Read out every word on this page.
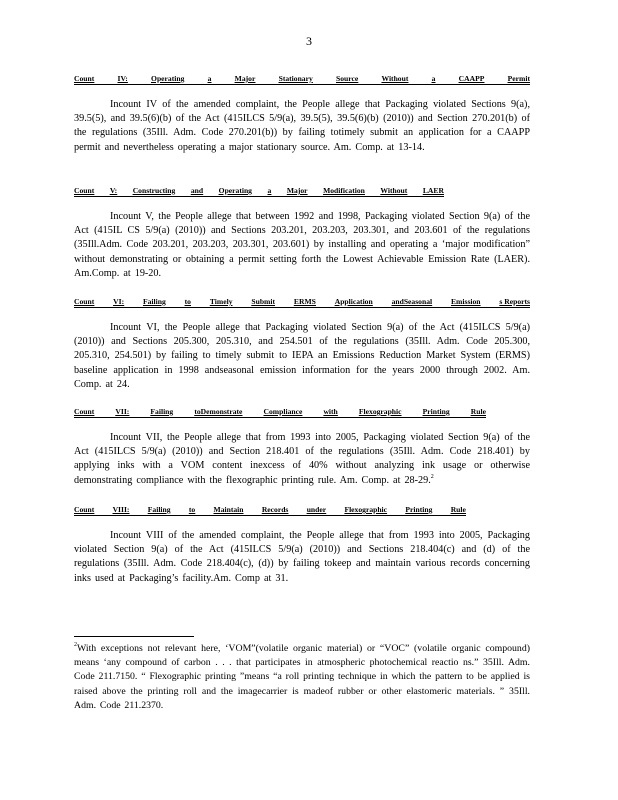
3
Count	IV:	Operating	a	Major	Stationary	Source	Without	a	CAAPP	Permit

Incount IV of the amended complaint, the People allege that Packaging violated Sections 9(a), 39.5(5), and 39.5(6)(b) of the Act (415ILCS 5/9(a), 39.5(5), 39.5(6)(b) (2010)) and Section 270.201(b) of the regulations (35Ill. Adm. Code 270.201(b)) by failing totimely submit an application for a CAAPP permit and nevertheless operating a major stationary source. Am. Comp. at 13-14.

Count V: Constructing and Operating a Major Modification Without LAER

Incount V, the People allege that between 1992 and 1998, Packaging violated Section 9(a) of the Act (415IL CS 5/9(a) (2010)) and Sections 203.201, 203.203, 203.301, and 203.601 of the regulations (35Ill.Adm. Code 203.201, 203.203, 203.301, 203.601) by installing and operating a ‘major modification” without demonstrating or obtaining a permit setting forth the Lowest Achievable Emission Rate (LAER). Am.Comp. at 19-20.

Count VI: Failing to Timely Submit ERMS Application andSeasonal Emission s Reports

Incount VI, the People allege that Packaging violated Section 9(a) of the Act (415ILCS 5/9(a) (2010)) and Sections 205.300, 205.310, and 254.501 of the regulations (35Ill. Adm. Code 205.300, 205.310, 254.501) by failing to timely submit to IEPA an Emissions Reduction Market System (ERMS) baseline application in 1998 andseasonal emission information for the years 2000 through 2002. Am. Comp. at 24.

Count	VII:	Failing	toDemonstrate	Compliance	with	Flexographic	Printing	Rule

Incount VII, the People allege that from 1993 into 2005, Packaging violated Section 9(a) of the Act (415ILCS 5/9(a) (2010)) and Section 218.401 of the regulations (35Ill. Adm. Code 218.401) by applying inks with a VOM content inexcess of 40% without analyzing ink usage or otherwise demonstrating compliance with the flexographic printing rule. Am. Comp. at 28-29.$^2$

Count VIII: Failing to Maintain Records under Flexographic Printing Rule

Incount VIII of the amended complaint, the People allege that from 1993 into 2005, Packaging violated Section 9(a) of the Act (415ILCS 5/9(a) (2010)) and Sections 218.404(c) and (d) of the regulations (35Ill. Adm. Code 218.404(c), (d)) by failing tokeep and maintain various records concerning inks used at Packaging’s facility.Am. Comp at 31.

$^2$With exceptions not relevant here, ‘VOM”(volatile organic material) or “VOC” (volatile organic compound) means ‘any compound of carbon . . . that participates in atmospheric photochemical reactio ns.” 35Ill. Adm. Code 211.7150. “ Flexographic printing ”means “a roll printing technique in which the pattern to be applied is raised above the printing roll and the imagecarrier is madeof rubber or other elastomeric materials. ” 35Ill. Adm. Code 211.2370.
